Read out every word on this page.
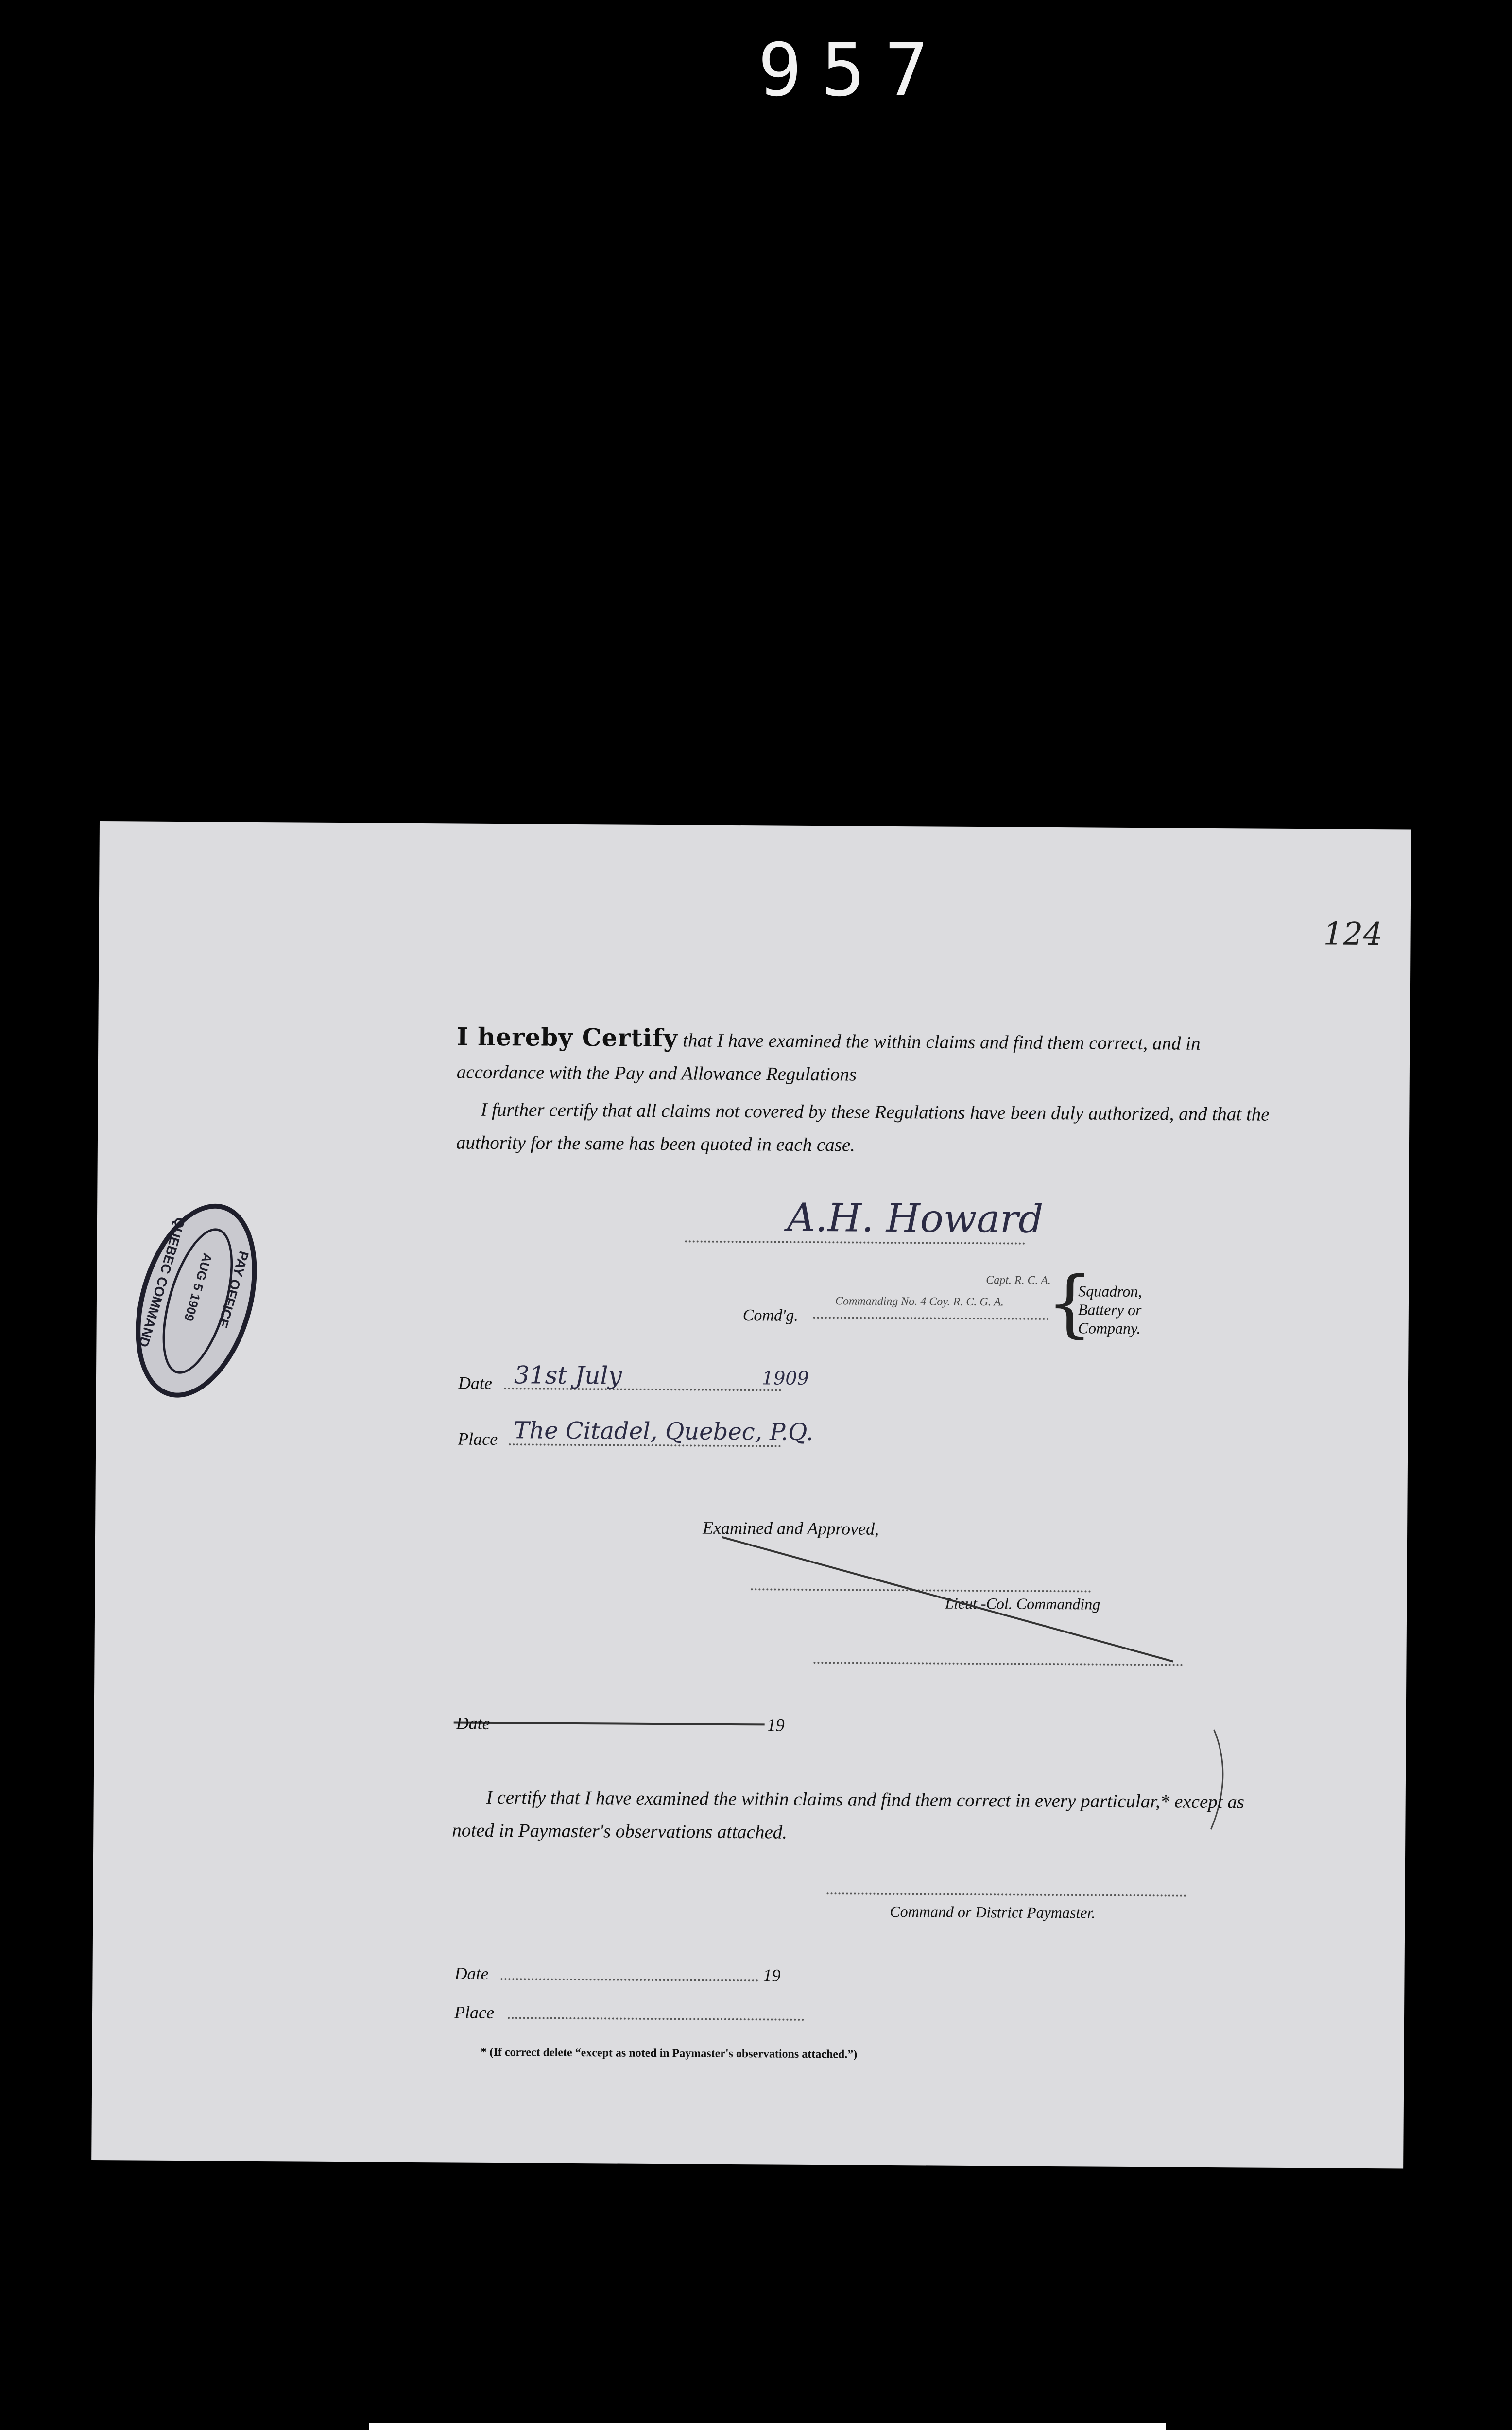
957
124
QUEBEC COMMAND PAY OFFICE
AUG 5 1909
I hereby Certify that I have examined the within claims and find them correct, and in accordance with the Pay and Allowance Regulations
I further certify that all claims not covered by these Regulations have been duly authorized, and that the authority for the same has been quoted in each case.
A.H. Howard
Capt. R. C. A.
Commanding No. 4 Coy. R. C. G. A.
Comd'g.	{
Squadron, Battery or Company.
Date 31st July	1909
Place The Citadel, Quebec, P.Q.
Examined and Approved,
Lieut.-Col. Commanding
Date	19
I certify that I have examined the within claims and find them correct in every particular,* except as noted in Paymaster's observations attached.
Command or District Paymaster.
Date	19
Place
* (If correct delete “except as noted in Paymaster's observations attached.”)
